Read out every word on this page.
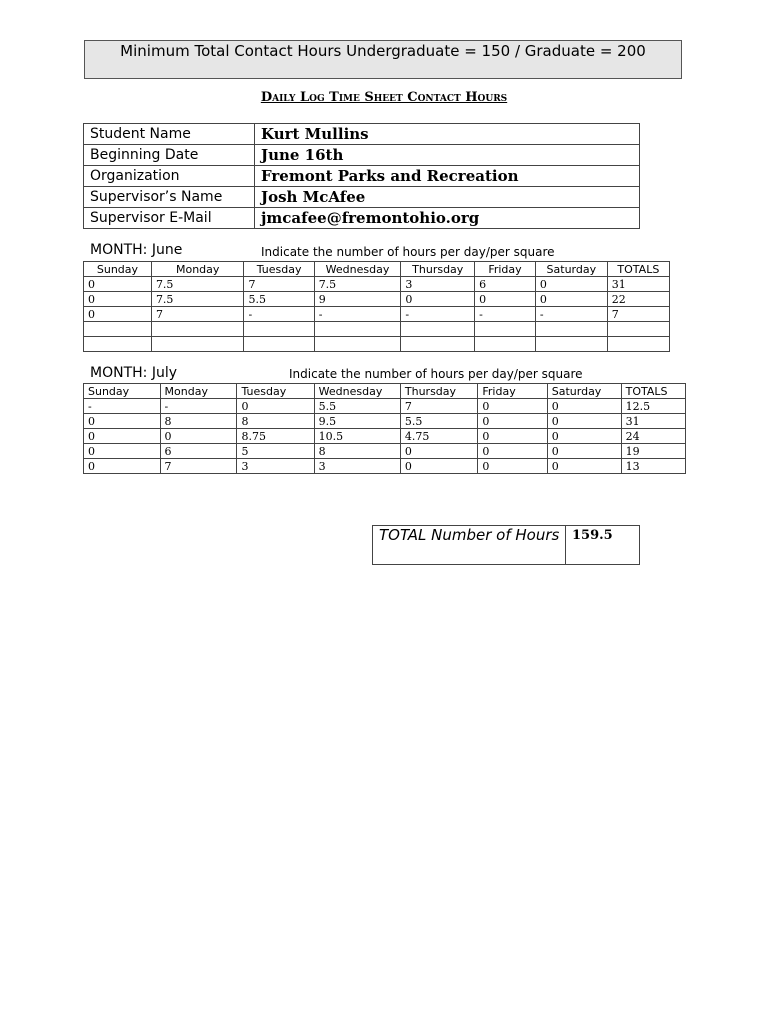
Minimum Total Contact Hours Undergraduate = 150 / Graduate = 200
Daily Log Time Sheet Contact Hours
Student Name	Kurt Mullins
Beginning Date	June 16th
Organization	Fremont Parks and Recreation
Supervisor’s Name	Josh McAfee
Supervisor E-Mail	jmcafee@fremontohio.org
MONTH: June	Indicate the number of hours per day/per square
Sunday	Monday	Tuesday	Wednesday	Thursday	Friday	Saturday	TOTALS
0	7.5	7	7.5	3	6	0	31
0	7.5	5.5	9	0	0	0	22
0	7	-	-	-	-	-	7

MONTH: July	Indicate the number of hours per day/per square
Sunday	Monday	Tuesday	Wednesday	Thursday	Friday	Saturday	TOTALS
-	-	0	5.5	7	0	0	12.5
0	8	8	9.5	5.5	0	0	31
0	0	8.75	10.5	4.75	0	0	24
0	6	5	8	0	0	0	19
0	7	3	3	0	0	0	13
TOTAL Number of Hours	159.5
